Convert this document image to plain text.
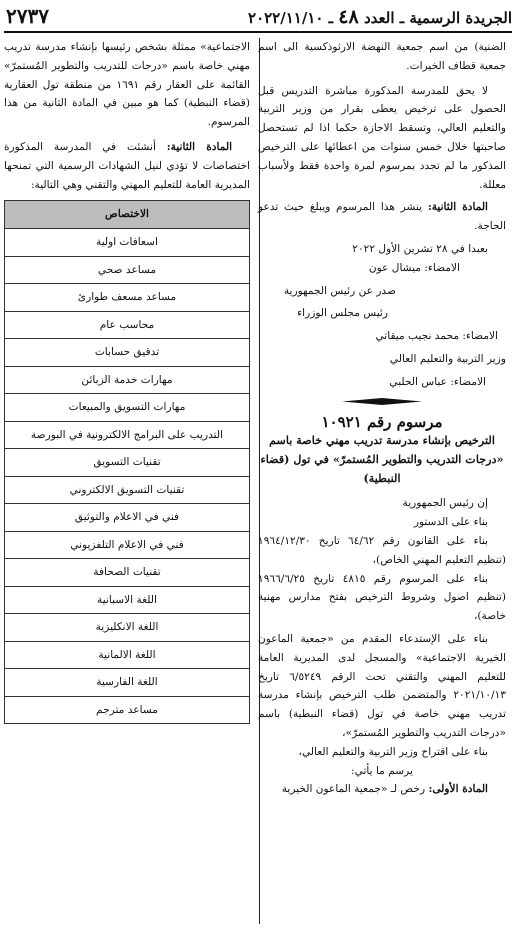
الجريدة الرسمية ـ العدد ٤٨ ـ ٢٠٢٢/١١/١٠
٢٧٣٧

الضنية) من اسم جمعية النهضة الارثوذكسية الى اسم جمعية قطاف الخيرات.

لا يحق للمدرسة المذكورة مباشرة التدريس قبل الحصول على ترخيص يعطى بقرار من وزير التربية والتعليم العالي، وتسقط الاجازة حكما اذا لم تستحصل صاحبتها خلال خمس سنوات من اعطائها على الترخيص المذكور ما لم تجدد بمرسوم لمرة واحدة فقط ولأسباب معللة.

المادة الثانية: ينشر هذا المرسوم ويبلغ حيث تدعو الحاجة.

بعبدا في ٢٨ تشرين الأول ٢٠٢٢

الامضاء: ميشال عون

صدر عن رئيس الجمهورية

رئيس مجلس الوزراء

الامضاء: محمد نجيب ميقاتي

وزير التربية والتعليم العالي

الامضاء: عباس الحلبي

مرسوم رقم ١٠٩٢١
الترخيص بإنشاء مدرسة تدريب مهني خاصة باسم «درجات التدريب والتطوير المُستمرّ» في تول (قضاء النبطية)

إن رئيس الجمهورية

بناء على الدستور

بناء على القانون رقم ٦٤/٦٢ تاريخ ١٩٦٤/١٢/٣٠ (تنظيم التعليم المهني الخاص)،

بناء على المرسوم رقم ٤٨١٥ تاريخ ١٩٦٦/٦/٢٥ (تنظيم اصول وشروط الترخيص بفتح مدارس مهنية خاصة)،

بناء على الإستدعاء المقدم من «جمعية الماعون الخيرية الاجتماعية» والمسجل لدى المديرية العامة للتعليم المهني والتقني تحت الرقم ٦/٥٢٤٩ تاريخ ٢٠٢١/١٠/١٣ والمتضمن طلب الترخيص بإنشاء مدرسة تدريب مهني خاصة في تول (قضاء النبطية) باسم «درجات التدريب والتطوير المُستمرّ»،

بناء على اقتراح وزير التربية والتعليم العالي،

يرسم ما يأتي:

المادة الأولى: رخص لـ «جمعية الماعون الخيرية

الاجتماعية» ممثلة بشخص رئيسها بإنشاء مدرسة تدريب مهني خاصة باسم «درجات للتدريب والتطوير المُستمرّ» القائمة على العقار رقم ١٦٩١ من منطقة تول العقارية (قضاء النبطية) كما هو مبين في المادة الثانية من هذا المرسوم.

المادة الثانية: أنشئت في المدرسة المذكورة اختصاصات لا تؤدي لنيل الشهادات الرسمية التي تمنحها المديرية العامة للتعليم المهني والتقني وهي التالية:

الاختصاص
اسعافات اولية
مساعد صحي
مساعد مسعف طوارئ
محاسب عام
تدقيق حسابات
مهارات خدمة الزبائن
مهارات التسويق والمبيعات
التدريب على البرامج الالكترونية في البورصة
تقنيات التسويق
تقنيات التسويق الالكتروني
فني في الاعلام والتوثيق
فني في الاعلام التلفزيوني
تقنيات الصحافة
اللغة الاسبانية
اللغة الانكليزية
اللغة الالمانية
اللغة الفارسية
مساعد مترجم
